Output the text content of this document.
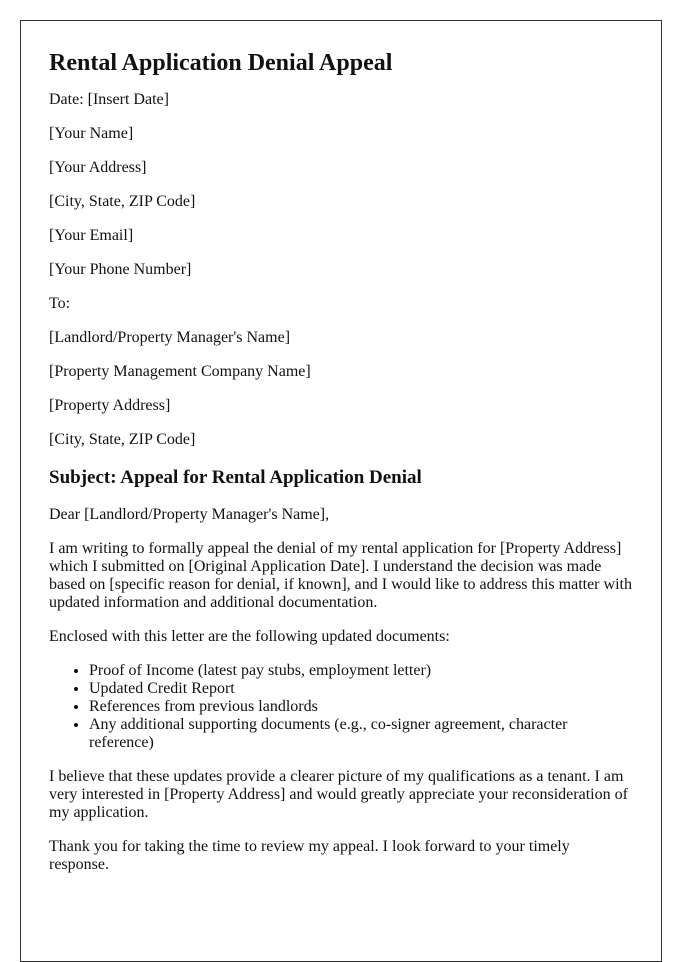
Rental Application Denial Appeal

Date: [Insert Date]

[Your Name]

[Your Address]

[City, State, ZIP Code]

[Your Email]

[Your Phone Number]

To:

[Landlord/Property Manager's Name]

[Property Management Company Name]

[Property Address]

[City, State, ZIP Code]

Subject: Appeal for Rental Application Denial

Dear [Landlord/Property Manager's Name],

I am writing to formally appeal the denial of my rental application for [Property Address] which I submitted on [Original Application Date]. I understand the decision was made based on [specific reason for denial, if known], and I would like to address this matter with updated information and additional documentation.

Enclosed with this letter are the following updated documents:

• Proof of Income (latest pay stubs, employment letter)
• Updated Credit Report
• References from previous landlords
• Any additional supporting documents (e.g., co-signer agreement, character reference)

I believe that these updates provide a clearer picture of my qualifications as a tenant. I am very interested in [Property Address] and would greatly appreciate your reconsideration of my application.

Thank you for taking the time to review my appeal. I look forward to your timely response.
